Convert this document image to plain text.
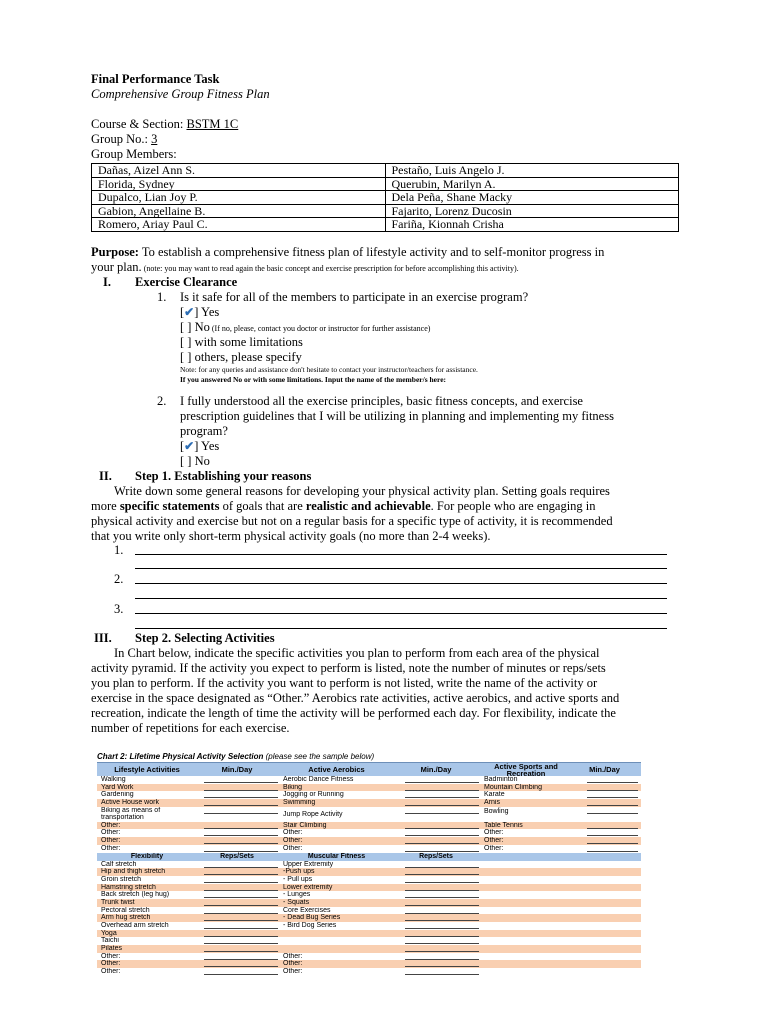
Final Performance Task
Comprehensive Group Fitness Plan
Course & Section: BSTM 1C
Group No.: 3
Group Members:
Dañas, Aizel Ann S.	Pestaño, Luis Angelo J.
Florida, Sydney	Querubin, Marilyn A.
Dupalco, Lian Joy P.	Dela Peña, Shane Macky
Gabion, Angellaine B.	Fajarito, Lorenz Ducosin
Romero, Ariay Paul C.	Fariña, Kionnah Crisha
Purpose: To establish a comprehensive fitness plan of lifestyle activity and to self-monitor progress in
your plan. (note: you may want to read again the basic concept and exercise prescription for before accomplishing this activity).
I. Exercise Clearance
1. Is it safe for all of the members to participate in an exercise program?
[✔] Yes
[ ] No (If no, please, contact you doctor or instructor for further assistance)
[ ] with some limitations
[ ] others, please specify
Note: for any queries and assistance don't hesitate to contact your instructor/teachers for assistance.
If you answered No or with some limitations. Input the name of the member/s here:
2. I fully understood all the exercise principles, basic fitness concepts, and exercise
prescription guidelines that I will be utilizing in planning and implementing my fitness
program?
[✔] Yes
[ ] No
II. Step 1. Establishing your reasons
Write down some general reasons for developing your physical activity plan. Setting goals requires
more specific statements of goals that are realistic and achievable. For people who are engaging in
physical activity and exercise but not on a regular basis for a specific type of activity, it is recommended
that you write only short-term physical activity goals (no more than 2-4 weeks).
1.
2.
3.
III. Step 2. Selecting Activities
In Chart below, indicate the specific activities you plan to perform from each area of the physical
activity pyramid. If the activity you expect to perform is listed, note the number of minutes or reps/sets
you plan to perform. If the activity you want to perform is not listed, write the name of the activity or
exercise in the space designated as “Other.” Aerobics rate activities, active aerobics, and active sports and
recreation, indicate the length of time the activity will be performed each day. For flexibility, indicate the
number of repetitions for each exercise.
Chart 2: Lifetime Physical Activity Selection (please see the sample below)
Lifestyle Activities	Min./Day	Active Aerobics	Min./Day	Active Sports and Recreation	Min./Day
Walking	Aerobic Dance Fitness	Badminton
Yard Work	Biking	Mountain Climbing
Gardening	Jogging or Running	Karate
Active House work	Swimming	Arnis
Biking as means of transportation	Jump Rope Activity	Bowling
Other:	Stair Climbing	Table Tennis
Other:	Other:	Other:
Other:	Other:	Other:
Other:	Other:	Other:
Flexibility	Reps/Sets	Muscular Fitness	Reps/Sets
Calf stretch	Upper Extremity
Hip and thigh stretch	-Push ups
Groin stretch	- Pull ups
Hamstring stretch	Lower extremity
Back stretch (leg hug)	- Lunges
Trunk twist	- Squats
Pectoral stretch	Core Exercises
Arm hug stretch	- Dead Bug Series
Overhead arm stretch	- Bird Dog Series
Yoga
Taichi
Pilates
Other:	Other:
Other:	Other:
Other:	Other:
